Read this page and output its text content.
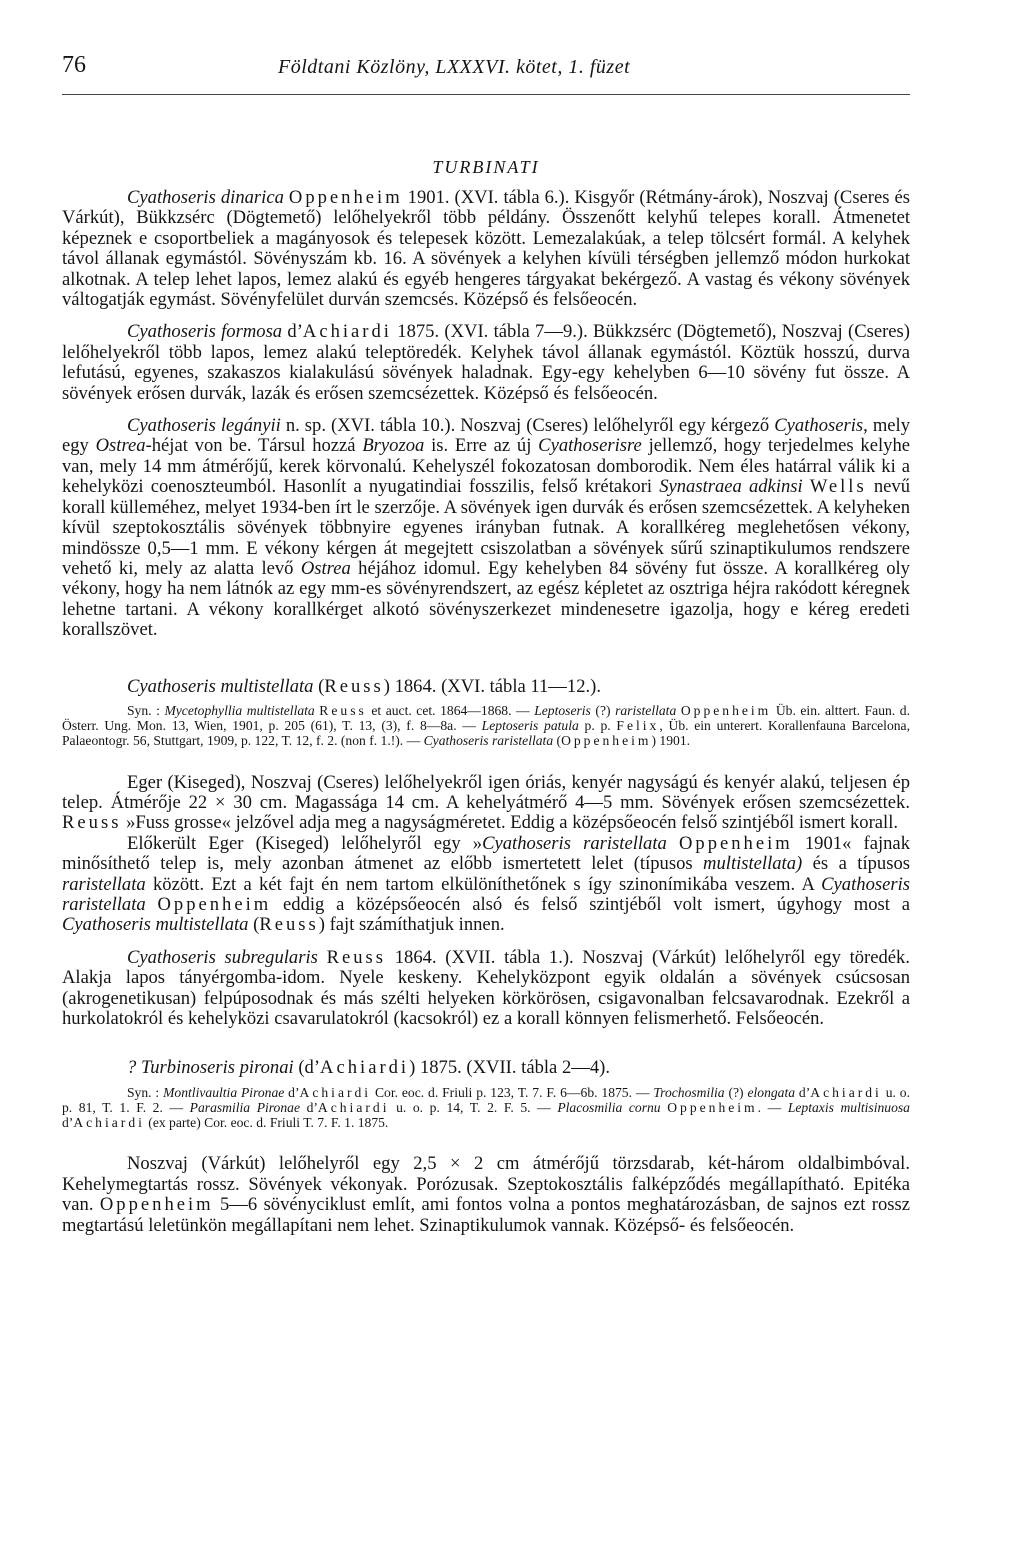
76	Földtani Közlöny, LXXXVI. kötet, 1. füzet
TURBINATI

Cyathoseris dinarica Oppenheim 1901. (XVI. tábla 6.). Kisgyőr (Rétmány-árok), Noszvaj (Cseres és Várkút), Bükkzsérc (Dögtemető) lelőhelyekről több példány. Összenőtt kelyhű telepes korall. Átmenetet képeznek e csoportbeliek a magányosok és telepesek között. Lemezalakúak, a telep tölcsért formál. A kelyhek távol állanak egymástól. Sövényszám kb. 16. A sövények a kelyhen kívüli térségben jellemző módon hurkokat alkotnak. A telep lehet lapos, lemez alakú és egyéb hengeres tárgyakat bekérgező. A vastag és vékony sövények váltogatják egymást. Sövényfelület durván szemcsés. Középső és felsőeocén.

Cyathoseris formosa d’Achiardi 1875. (XVI. tábla 7—9.). Bükkzsérc (Dögtemető), Noszvaj (Cseres) lelőhelyekről több lapos, lemez alakú teleptöredék. Kelyhek távol állanak egymástól. Köztük hosszú, durva lefutású, egyenes, szakaszos kialakulású sövények haladnak. Egy-egy kehelyben 6—10 sövény fut össze. A sövények erősen durvák, lazák és erősen szemcsézettek. Középső és felsőeocén.

Cyathoseris legányii n. sp. (XVI. tábla 10.). Noszvaj (Cseres) lelőhelyről egy kérgező Cyathoseris, mely egy Ostrea-héjat von be. Társul hozzá Bryozoa is. Erre az új Cyathoserisre jellemző, hogy terjedelmes kelyhe van, mely 14 mm átmérőjű, kerek körvonalú. Kehelyszél fokozatosan domborodik. Nem éles határral válik ki a kehelyközi coenoszteumból. Hasonlít a nyugatindiai fosszilis, felső krétakori Synastraea adkinsi Wells nevű korall külleméhez, melyet 1934-ben írt le szerzője. A sövények igen durvák és erősen szemcsézettek. A kelyheken kívül szeptokosztális sövények többnyire egyenes irányban futnak. A korallkéreg meglehetősen vékony, mindössze 0,5—1 mm. E vékony kérgen át megejtett csiszolatban a sövények sűrű szinaptikulumos rendszere vehető ki, mely az alatta levő Ostrea héjához idomul. Egy kehelyben 84 sövény fut össze. A korallkéreg oly vékony, hogy ha nem látnók az egy mm-es sövényrendszert, az egész képletet az osztriga héjra rakódott kéregnek lehetne tartani. A vékony korallkérget alkotó sövényszerkezet mindenesetre igazolja, hogy e kéreg eredeti korallszövet.

Cyathoseris multistellata (Reuss) 1864. (XVI. tábla 11—12.).

Syn. : Mycetophyllia multistellata Reuss et auct. cet. 1864—1868. — Leptoseris (?) raristellata Oppenheim Üb. ein. alttert. Faun. d. Österr. Ung. Mon. 13, Wien, 1901, p. 205 (61), T. 13, (3), f. 8—8a. — Leptoseris patula p. p. Felix, Üb. ein unterert. Korallenfauna Barcelona, Palaeontogr. 56, Stuttgart, 1909, p. 122, T. 12, f. 2. (non f. 1.!). — Cyathoseris raristellata (Oppenheim) 1901.

Eger (Kiseged), Noszvaj (Cseres) lelőhelyekről igen óriás, kenyér nagyságú és kenyér alakú, teljesen ép telep. Átmérője 22 × 30 cm. Magassága 14 cm. A kehelyátmérő 4—5 mm. Sövények erősen szemcsézettek. Reuss »Fuss grosse« jelzővel adja meg a nagyságméretet. Eddig a középsőeocén felső szintjéből ismert korall.

Előkerült Eger (Kiseged) lelőhelyről egy »Cyathoseris raristellata Oppenheim 1901« fajnak minősíthető telep is, mely azonban átmenet az előbb ismertetett lelet (típusos multistellata) és a típusos raristellata között. Ezt a két fajt én nem tartom elkülöníthetőnek s így szinonímikába veszem. A Cyathoseris raristellata Oppenheim eddig a középsőeocén alsó és felső szintjéből volt ismert, úgyhogy most a Cyathoseris multistellata (Reuss) fajt számíthatjuk innen.

Cyathoseris subregularis Reuss 1864. (XVII. tábla 1.). Noszvaj (Várkút) lelőhelyről egy töredék. Alakja lapos tányérgomba-idom. Nyele keskeny. Kehelyközpont egyik oldalán a sövények csúcsosan (akrogenetikusan) felpúposodnak és más szélti helyeken körkörösen, csigavonalban felcsavarodnak. Ezekről a hurkolatokról és kehelyközi csavarulatokról (kacsokról) ez a korall könnyen felismerhető. Felsőeocén.

? Turbinoseris pironai (d’Achiardi) 1875. (XVII. tábla 2—4).

Syn. : Montlivaultia Pironae d’Achiardi Cor. eoc. d. Friuli p. 123, T. 7. F. 6—6b. 1875. — Trochosmilia (?) elongata d’Achiardi u. o. p. 81, T. 1. F. 2. — Parasmilia Pironae d’Achiardi u. o. p. 14, T. 2. F. 5. — Placosmilia cornu Oppenheim. — Leptaxis multisinuosa d’Achiardi (ex parte) Cor. eoc. d. Friuli T. 7. F. 1. 1875.

Noszvaj (Várkút) lelőhelyről egy 2,5 × 2 cm átmérőjű törzsdarab, két-három oldalbimbóval. Kehelymegtartás rossz. Sövények vékonyak. Porózusak. Szeptokosztális falképződés megállapítható. Epitéka van. Oppenheim 5—6 sövényciklust említ, ami fontos volna a pontos meghatározásban, de sajnos ezt rossz megtartású leletünkön megállapítani nem lehet. Szinaptikulumok vannak. Középső- és felsőeocén.
